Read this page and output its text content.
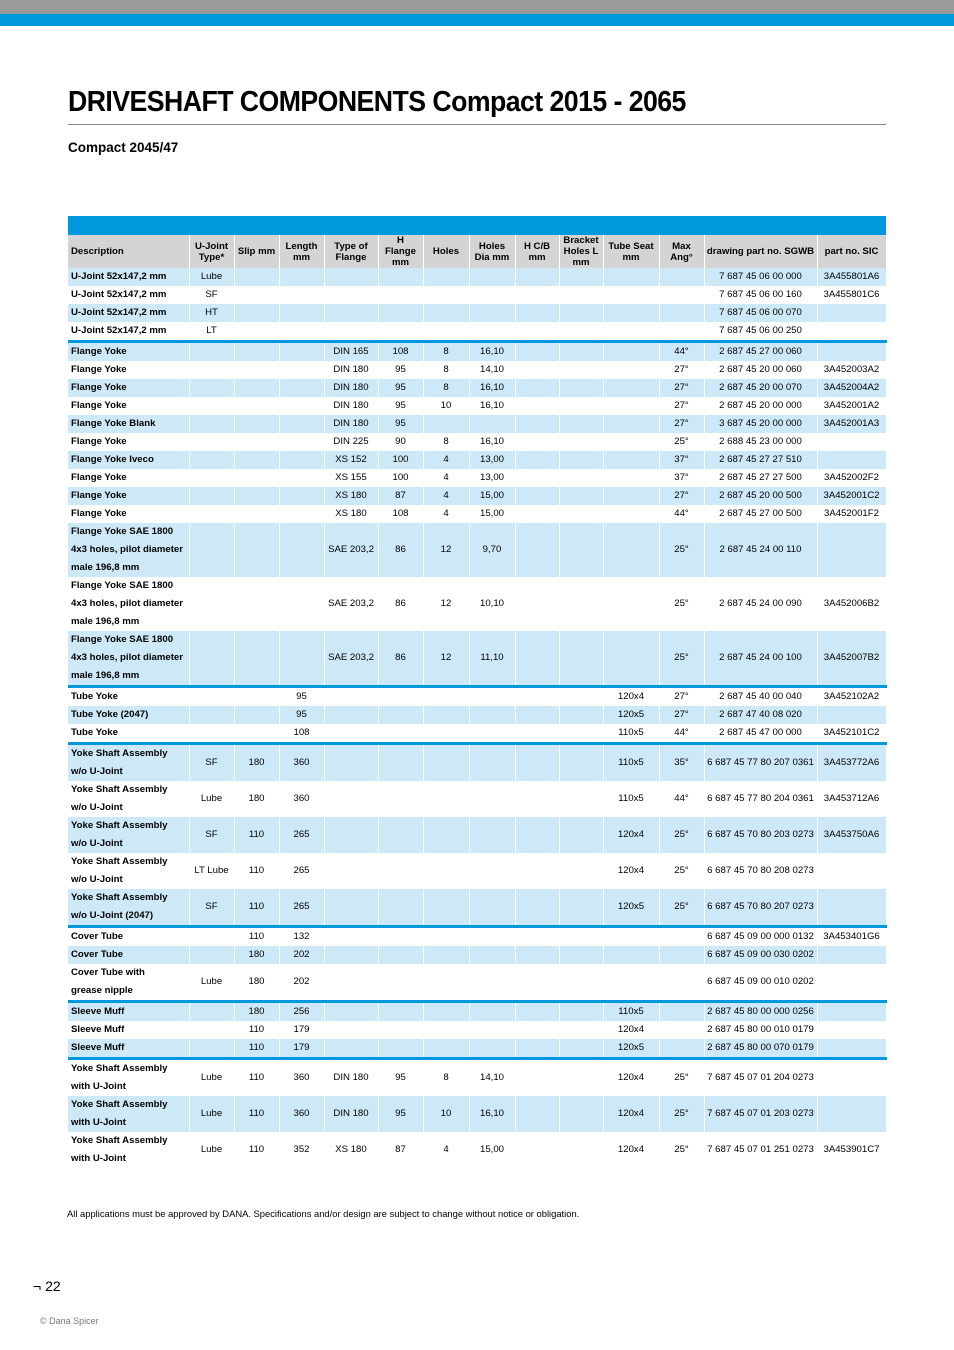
DRIVESHAFT COMPONENTS Compact 2015 - 2065
Compact 2045/47
Description	U-Joint Type*	Slip mm	Length mm	Type of Flange	H Flange mm	Holes	Holes Dia mm	H C/B mm	Bracket Holes L mm	Tube Seat mm	Max Ang°	drawing part no. SGWB	part no. SIC
U-Joint 52x147,2 mm	Lube											7 687 45 06 00 000	3A455801A6
U-Joint 52x147,2 mm	SF											7 687 45 06 00 160	3A455801C6
U-Joint 52x147,2 mm	HT											7 687 45 06 00 070	
U-Joint 52x147,2 mm	LT											7 687 45 06 00 250	
Flange Yoke				DIN 165	108	8	16,10				44°	2 687 45 27 00 060	
Flange Yoke				DIN 180	95	8	14,10				27°	2 687 45 20 00 060	3A452003A2
Flange Yoke				DIN 180	95	8	16,10				27°	2 687 45 20 00 070	3A452004A2
Flange Yoke				DIN 180	95	10	16,10				27°	2 687 45 20 00 000	3A452001A2
Flange Yoke Blank				DIN 180	95						27°	3 687 45 20 00 000	3A452001A3
Flange Yoke				DIN 225	90	8	16,10				25°	2 688 45 23 00 000	
Flange Yoke Iveco				XS 152	100	4	13,00				37°	2 687 45 27 27 510	
Flange Yoke				XS 155	100	4	13,00				37°	2 687 45 27 27 500	3A452002F2
Flange Yoke				XS 180	87	4	15,00				27°	2 687 45 20 00 500	3A452001C2
Flange Yoke				XS 180	108	4	15,00				44°	2 687 45 27 00 500	3A452001F2
Flange Yoke SAE 1800
4x3 holes, pilot diameter
male 196,8 mm				SAE 203,2	86	12	9,70				25°	2 687 45 24 00 110	
Flange Yoke SAE 1800
4x3 holes, pilot diameter
male 196,8 mm				SAE 203,2	86	12	10,10				25°	2 687 45 24 00 090	3A452006B2
Flange Yoke SAE 1800
4x3 holes, pilot diameter
male 196,8 mm				SAE 203,2	86	12	11,10				25°	2 687 45 24 00 100	3A452007B2
Tube Yoke			95							120x4	27°	2 687 45 40 00 040	3A452102A2
Tube Yoke (2047)			95							120x5	27°	2 687 47 40 08 020	
Tube Yoke			108							110x5	44°	2 687 45 47 00 000	3A452101C2
Yoke Shaft Assembly
w/o U-Joint	SF	180	360							110x5	35°	6 687 45 77 80 207 0361	3A453772A6
Yoke Shaft Assembly
w/o U-Joint	Lube	180	360							110x5	44°	6 687 45 77 80 204 0361	3A453712A6
Yoke Shaft Assembly
w/o U-Joint	SF	110	265							120x4	25°	6 687 45 70 80 203 0273	3A453750A6
Yoke Shaft Assembly
w/o U-Joint	LT Lube	110	265							120x4	25°	6 687 45 70 80 208 0273	
Yoke Shaft Assembly
w/o U-Joint (2047)	SF	110	265							120x5	25°	6 687 45 70 80 207 0273	
Cover Tube		110	132									6 687 45 09 00 000 0132	3A453401G6
Cover Tube		180	202									6 687 45 09 00 030 0202	
Cover Tube with
grease nipple	Lube	180	202									6 687 45 09 00 010 0202	
Sleeve Muff		180	256							110x5		2 687 45 80 00 000 0256	
Sleeve Muff		110	179							120x4		2 687 45 80 00 010 0179	
Sleeve Muff		110	179							120x5		2 687 45 80 00 070 0179	
Yoke Shaft Assembly
with U-Joint	Lube	110	360	DIN 180	95	8	14,10			120x4	25°	7 687 45 07 01 204 0273	
Yoke Shaft Assembly
with U-Joint	Lube	110	360	DIN 180	95	10	16,10			120x4	25°	7 687 45 07 01 203 0273	
Yoke Shaft Assembly
with U-Joint	Lube	110	352	XS 180	87	4	15,00			120x4	25°	7 687 45 07 01 251 0273	3A453901C7
All applications must be approved by DANA. Specifications and/or design are subject to change without notice or obligation.
¬ 22
© Dana Spicer
